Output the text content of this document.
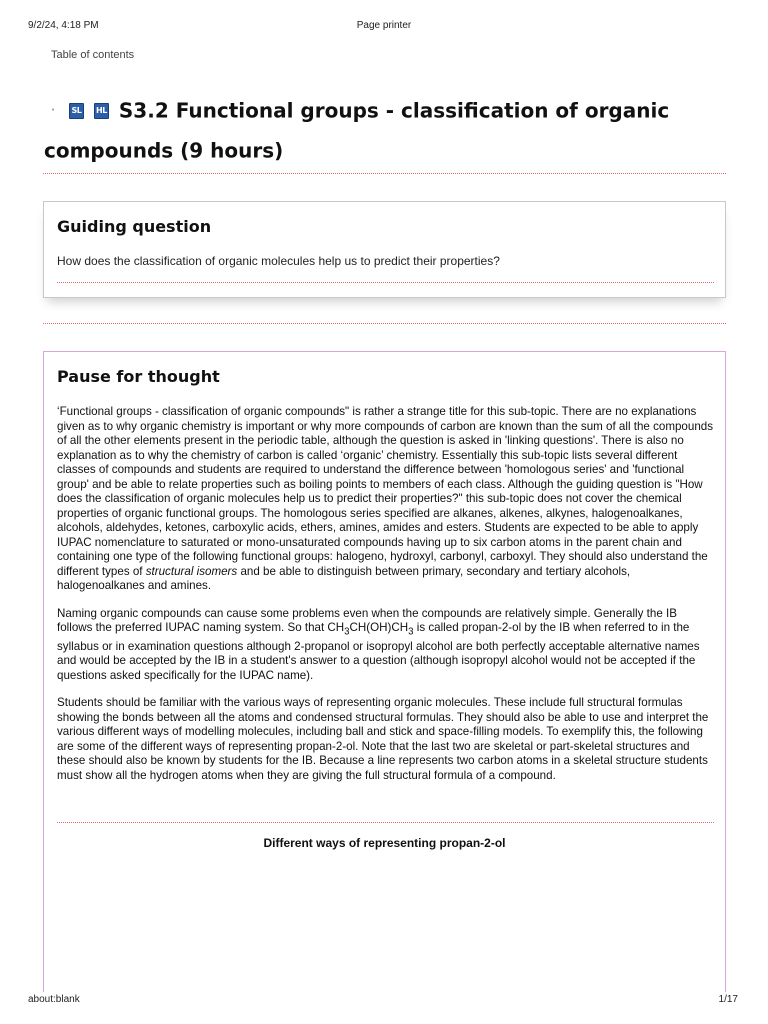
9/2/24, 4:18 PM	Page printer
Table of contents
· SL HL S3.2 Functional groups - classification of organic compounds (9 hours)
Guiding question
How does the classification of organic molecules help us to predict their properties?
Pause for thought

‘Functional groups - classification of organic compounds" is rather a strange title for this sub-topic. There are no explanations given as to why organic chemistry is important or why more compounds of carbon are known than the sum of all the compounds of all the other elements present in the periodic table, although the question is asked in 'linking questions'. There is also no explanation as to why the chemistry of carbon is called ‘organic’ chemistry. Essentially this sub-topic lists several different classes of compounds and students are required to understand the difference between 'homologous series' and 'functional group' and be able to relate properties such as boiling points to members of each class. Although the guiding question is "How does the classification of organic molecules help us to predict their properties?" this sub-topic does not cover the chemical properties of organic functional groups. The homologous series specified are alkanes, alkenes, alkynes, halogenoalkanes, alcohols, aldehydes, ketones, carboxylic acids, ethers, amines, amides and esters. Students are expected to be able to apply IUPAC nomenclature to saturated or mono-unsaturated compounds having up to six carbon atoms in the parent chain and containing one type of the following functional groups: halogeno, hydroxyl, carbonyl, carboxyl. They should also understand the different types of structural isomers and be able to distinguish between primary, secondary and tertiary alcohols, halogenoalkanes and amines.

Naming organic compounds can cause some problems even when the compounds are relatively simple. Generally the IB follows the preferred IUPAC naming system. So that $CH_3CH(OH)CH_3$ is called propan-2-ol by the IB when referred to in the syllabus or in examination questions although 2-propanol or isopropyl alcohol are both perfectly acceptable alternative names and would be accepted by the IB in a student's answer to a question (although isopropyl alcohol would not be accepted if the questions asked specifically for the IUPAC name).

Students should be familiar with the various ways of representing organic molecules. These include full structural formulas showing the bonds between all the atoms and condensed structural formulas. They should also be able to use and interpret the various different ways of modelling molecules, including ball and stick and space-filling models. To exemplify this, the following are some of the different ways of representing propan-2-ol. Note that the last two are skeletal or part-skeletal structures and these should also be known by students for the IB. Because a line represents two carbon atoms in a skeletal structure students must show all the hydrogen atoms when they are giving the full structural formula of a compound.

Different ways of representing propan-2-ol
about:blank	1/17
